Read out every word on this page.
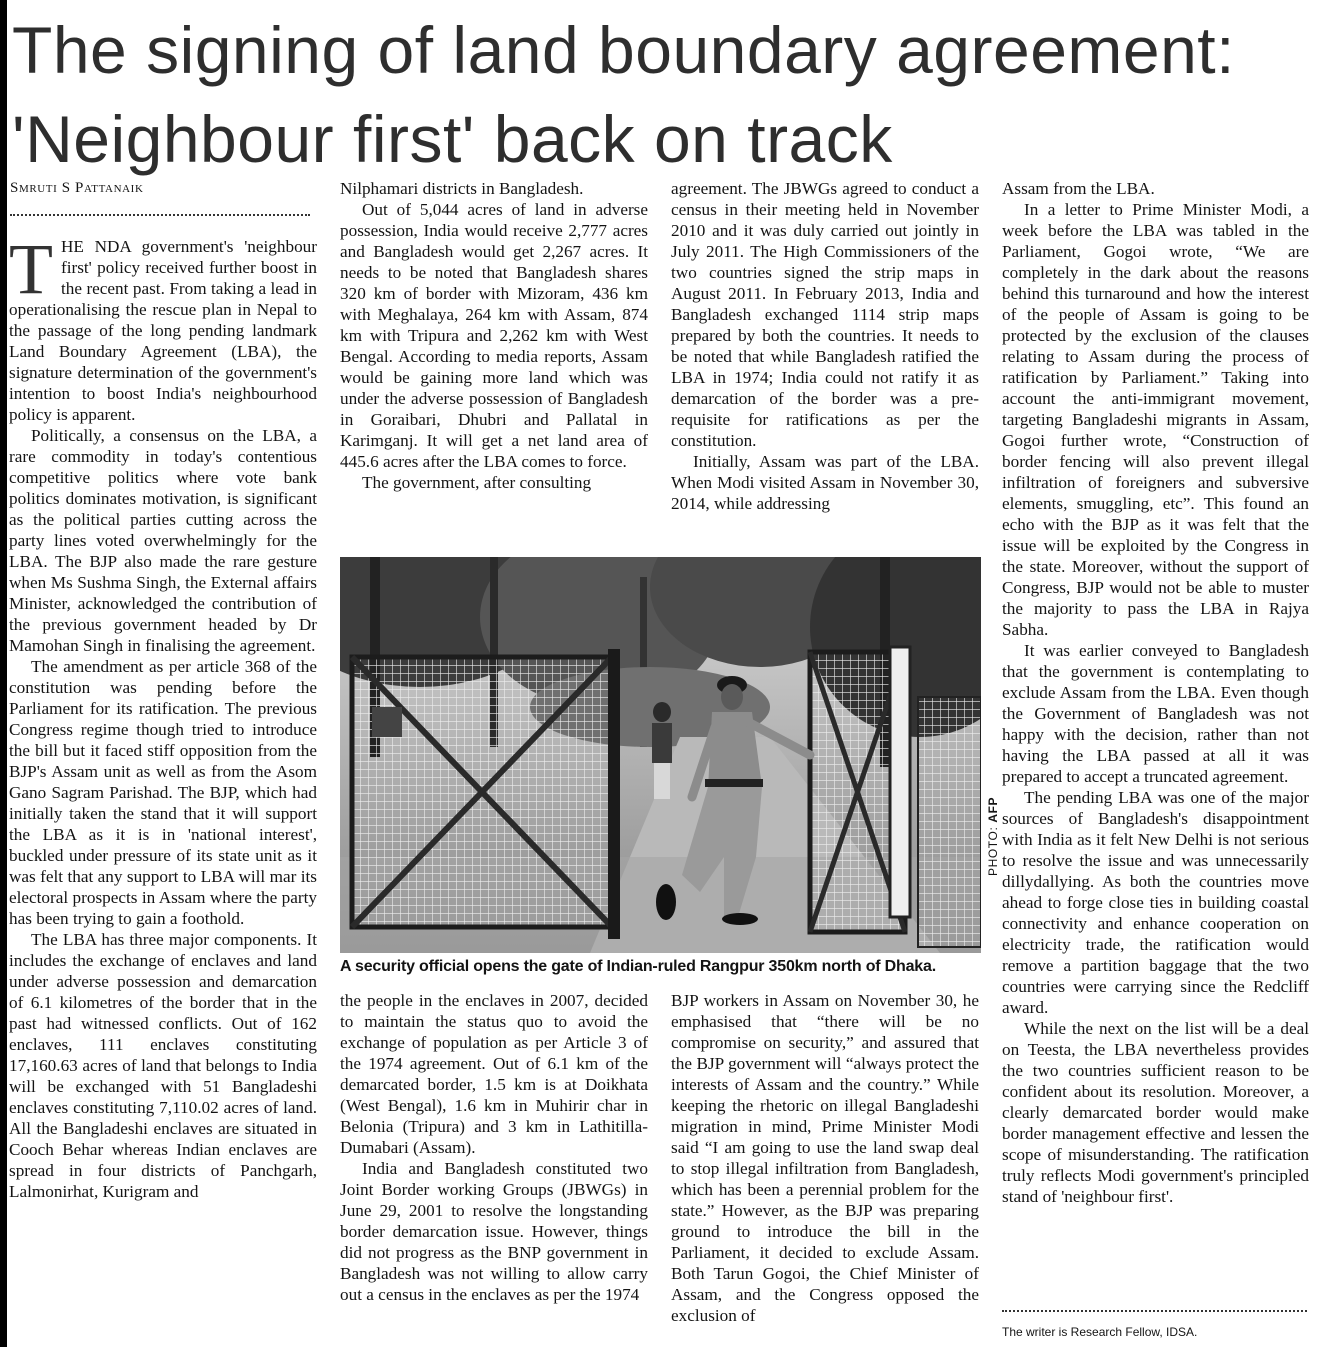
The signing of land boundary agreement:
'Neighbour first' back on track
Smruti S Pattanaik

THE NDA government's 'neighbour first' policy received further boost in the recent past. From taking a lead in operationalising the rescue plan in Nepal to the passage of the long pending landmark Land Boundary Agreement (LBA), the signature determination of the government's intention to boost India's neighbourhood policy is apparent.

Politically, a consensus on the LBA, a rare commodity in today's contentious competitive politics where vote bank politics dominates motivation, is significant as the political parties cutting across the party lines voted overwhelmingly for the LBA. The BJP also made the rare gesture when Ms Sushma Singh, the External affairs Minister, acknowledged the contribution of the previous government headed by Dr Mamohan Singh in finalising the agreement.

The amendment as per article 368 of the constitution was pending before the Parliament for its ratification. The previous Congress regime though tried to introduce the bill but it faced stiff opposition from the BJP's Assam unit as well as from the Asom Gano Sagram Parishad. The BJP, which had initially taken the stand that it will support the LBA as it is in 'national interest', buckled under pressure of its state unit as it was felt that any support to LBA will mar its electoral prospects in Assam where the party has been trying to gain a foothold.

The LBA has three major components. It includes the exchange of enclaves and land under adverse possession and demarcation of 6.1 kilometres of the border that in the past had witnessed conflicts. Out of 162 enclaves, 111 enclaves constituting 17,160.63 acres of land that belongs to India will be exchanged with 51 Bangladeshi enclaves constituting 7,110.02 acres of land. All the Bangladeshi enclaves are situated in Cooch Behar whereas Indian enclaves are spread in four districts of Panchgarh, Lalmonirhat, Kurigram and

Nilphamari districts in Bangladesh.

Out of 5,044 acres of land in adverse possession, India would receive 2,777 acres and Bangladesh would get 2,267 acres. It needs to be noted that Bangladesh shares 320 km of border with Mizoram, 436 km with Meghalaya, 264 km with Assam, 874 km with Tripura and 2,262 km with West Bengal. According to media reports, Assam would be gaining more land which was under the adverse possession of Bangladesh in Goraibari, Dhubri and Pallatal in Karimganj. It will get a net land area of 445.6 acres after the LBA comes to force.

The government, after consulting

agreement. The JBWGs agreed to conduct a census in their meeting held in November 2010 and it was duly carried out jointly in July 2011. The High Commissioners of the two countries signed the strip maps in August 2011. In February 2013, India and Bangladesh exchanged 1114 strip maps prepared by both the countries. It needs to be noted that while Bangladesh ratified the LBA in 1974; India could not ratify it as demarcation of the border was a pre-requisite for ratifications as per the constitution.

Initially, Assam was part of the LBA. When Modi visited Assam in November 30, 2014, while addressing

PHOTO: AFP
A security official opens the gate of Indian-ruled Rangpur 350km north of Dhaka.

the people in the enclaves in 2007, decided to maintain the status quo to avoid the exchange of population as per Article 3 of the 1974 agreement. Out of 6.1 km of the demarcated border, 1.5 km is at Doikhata (West Bengal), 1.6 km in Muhirir char in Belonia (Tripura) and 3 km in Lathitilla-Dumabari (Assam).

India and Bangladesh constituted two Joint Border working Groups (JBWGs) in June 29, 2001 to resolve the longstanding border demarcation issue. However, things did not progress as the BNP government in Bangladesh was not willing to allow carry out a census in the enclaves as per the 1974

BJP workers in Assam on November 30, he emphasised that “there will be no compromise on security,” and assured that the BJP government will “always protect the interests of Assam and the country.” While keeping the rhetoric on illegal Bangladeshi migration in mind, Prime Minister Modi said “I am going to use the land swap deal to stop illegal infiltration from Bangladesh, which has been a perennial problem for the state.” However, as the BJP was preparing ground to introduce the bill in the Parliament, it decided to exclude Assam. Both Tarun Gogoi, the Chief Minister of Assam, and the Congress opposed the exclusion of

Assam from the LBA.

In a letter to Prime Minister Modi, a week before the LBA was tabled in the Parliament, Gogoi wrote, “We are completely in the dark about the reasons behind this turnaround and how the interest of the people of Assam is going to be protected by the exclusion of the clauses relating to Assam during the process of ratification by Parliament.” Taking into account the anti-immigrant movement, targeting Bangladeshi migrants in Assam, Gogoi further wrote, “Construction of border fencing will also prevent illegal infiltration of foreigners and subversive elements, smuggling, etc”. This found an echo with the BJP as it was felt that the issue will be exploited by the Congress in the state. Moreover, without the support of Congress, BJP would not be able to muster the majority to pass the LBA in Rajya Sabha.

It was earlier conveyed to Bangladesh that the government is contemplating to exclude Assam from the LBA. Even though the Government of Bangladesh was not happy with the decision, rather than not having the LBA passed at all it was prepared to accept a truncated agreement.

The pending LBA was one of the major sources of Bangladesh's disappointment with India as it felt New Delhi is not serious to resolve the issue and was unnecessarily dillydallying. As both the countries move ahead to forge close ties in building coastal connectivity and enhance cooperation on electricity trade, the ratification would remove a partition baggage that the two countries were carrying since the Redcliff award.

While the next on the list will be a deal on Teesta, the LBA nevertheless provides the two countries sufficient reason to be confident about its resolution. Moreover, a clearly demarcated border would make border management effective and lessen the scope of misunderstanding. The ratification truly reflects Modi government's principled stand of 'neighbour first'.

The writer is Research Fellow, IDSA.
